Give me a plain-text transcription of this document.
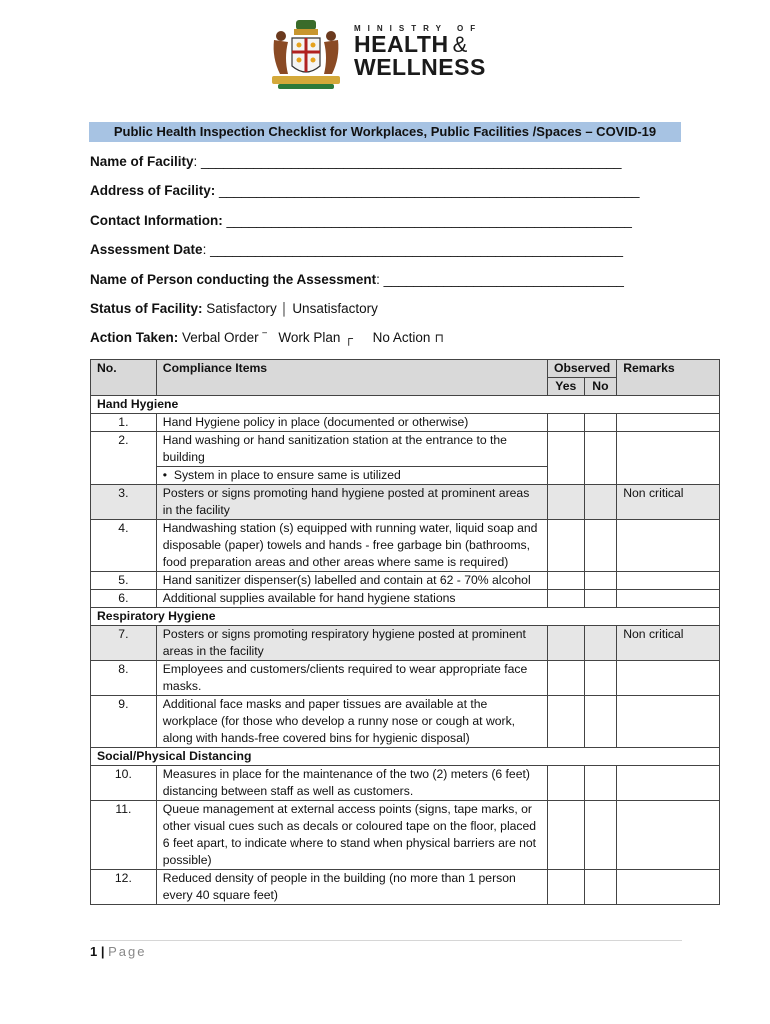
MINISTRY OF
HEALTH &
WELLNESS
Public Health Inspection Checklist for Workplaces, Public Facilities /Spaces – COVID-19
Name of Facility: ________________________________________________________
Address of Facility: ________________________________________________________
Contact Information: ______________________________________________________
Assessment Date: _______________________________________________________
Name of Person conducting the Assessment: ________________________________
Status of Facility: Satisfactory │ Unsatisfactory
Action Taken: Verbal Order ‾ Work Plan ┌ No Action ⊓
No.	Compliance Items	Observed		Remarks
		Yes	No	
Hand Hygiene				
1.	Hand Hygiene policy in place (documented or otherwise)			
2.	Hand washing or hand sanitization station at the entrance to the building			
	•  System in place to ensure same is utilized			
3.	Posters or signs promoting hand hygiene posted at prominent areas in the facility			Non critical
4.	Handwashing station (s) equipped with running water, liquid soap and disposable (paper) towels and hands - free garbage bin (bathrooms, food preparation areas and other areas where same is required)			
5.	Hand sanitizer dispenser(s) labelled and contain at 62 - 70% alcohol			
6.	Additional supplies available for hand hygiene stations			
Respiratory Hygiene				
7.	Posters or signs promoting respiratory hygiene posted at prominent areas in the facility			Non critical
8.	Employees and customers/clients required to wear appropriate face masks.			
9.	Additional face masks and paper tissues are available at the workplace (for those who develop a runny nose or cough at work, along with hands-free covered bins for hygienic disposal)			
Social/Physical Distancing				
10.	Measures in place for the maintenance of the two (2) meters (6 feet) distancing between staff as well as customers.			
11.	Queue management at external access points (signs, tape marks, or other visual cues such as decals or coloured tape on the floor, placed 6 feet apart, to indicate where to stand when physical barriers are not possible)			
12.	Reduced density of people in the building (no more than 1 person every 40 square feet)			
1 | Page
